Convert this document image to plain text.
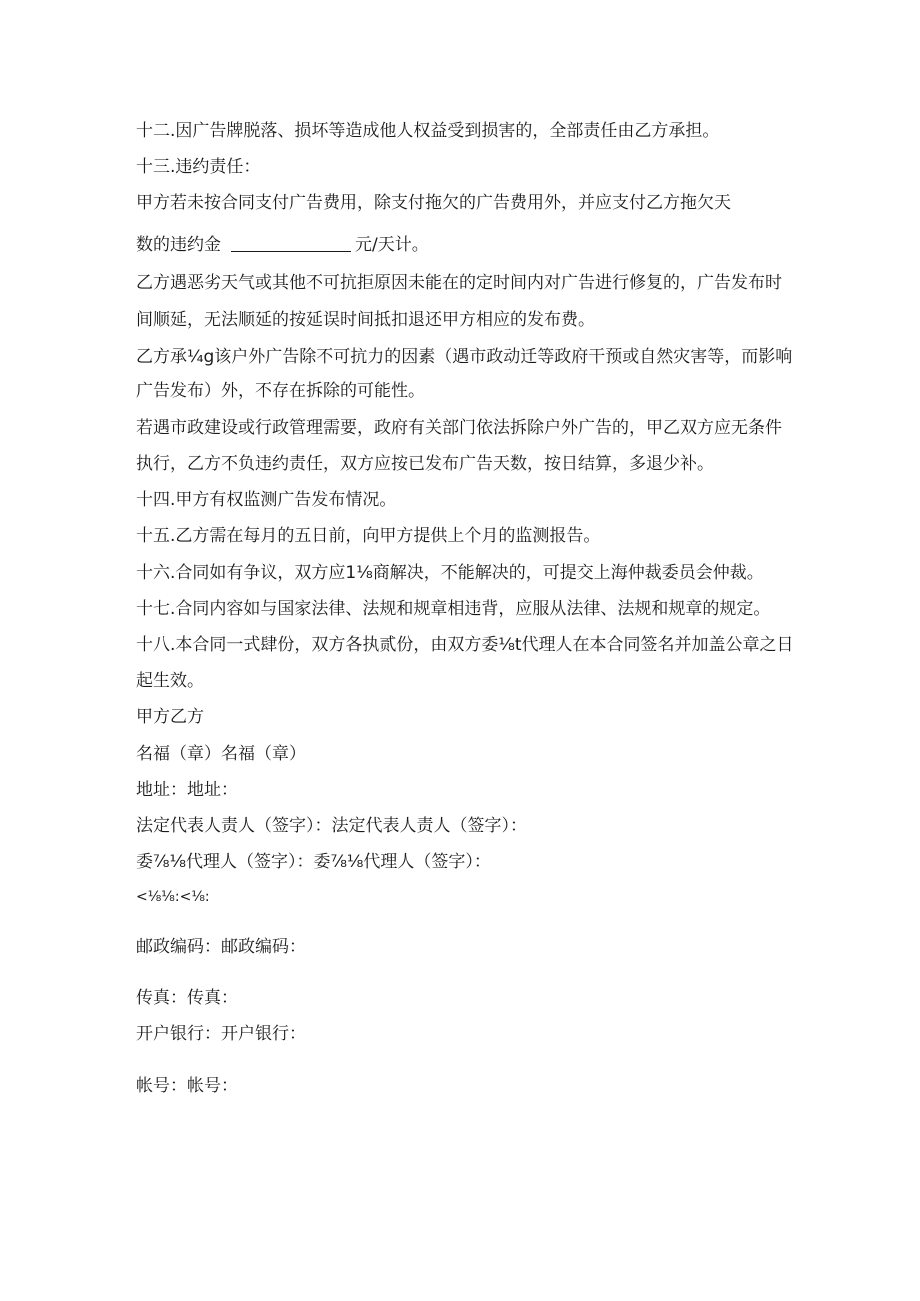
十二.因广告牌脱落、损坏等造成他人权益受到损害的，全部责任由乙方承担。
十三.违约责任：
甲方若未按合同支付广告费用，除支付拖欠的广告费用外，并应支付乙方拖欠天
数的违约金	元/天计。
乙方遇恶劣天气或其他不可抗拒原因未能在的定时间内对广告进行修复的，广告发布时
间顺延，无法顺延的按延误时间抵扣退还甲方相应的发布费。
乙方承¼g该户外广告除不可抗力的因素（遇市政动迁等政府干预或自然灾害等，而影响
广告发布）外，不存在拆除的可能性。
若遇市政建设或行政管理需要，政府有关部门依法拆除户外广告的，甲乙双方应无条件
执行，乙方不负违约责任，双方应按已发布广告天数，按日结算，多退少补。
十四.甲方有权监测广告发布情况。
十五.乙方需在每月的五日前，向甲方提供上个月的监测报告。
十六.合同如有争议，双方应1⅛商解决，不能解决的，可提交上海仲裁委员会仲裁。
十七.合同内容如与国家法律、法规和规章相违背，应服从法律、法规和规章的规定。
十八.本合同一式肆份，双方各执贰份，由双方委⅛t代理人在本合同签名并加盖公章之日
起生效。
甲方乙方
名福（章）名福（章）
地址：地址：
法定代表人责人（签字）：法定代表人责人（签字）：
委⅞⅛代理人（签字）：委⅞⅛代理人（签字）：
<⅛⅛:<⅛:
邮政编码：邮政编码：
传真：传真：
开户银行：开户银行：
帐号：帐号：
